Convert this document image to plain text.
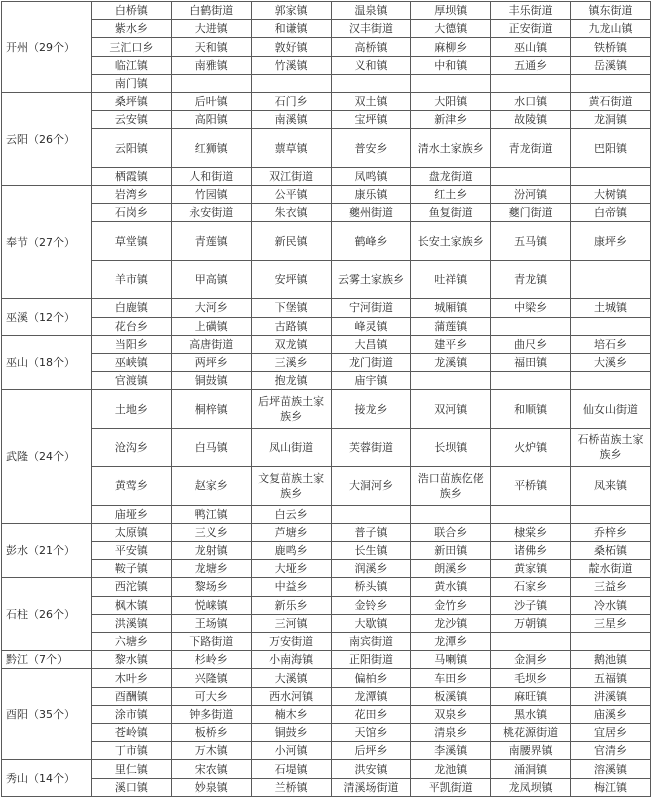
开州（29个）	白桥镇	白鹤街道	郭家镇	温泉镇	厚坝镇	丰乐街道	镇东街道
	紫水乡	大进镇	和谦镇	汉丰街道	大德镇	正安街道	九龙山镇
	三汇口乡	天和镇	敦好镇	高桥镇	麻柳乡	巫山镇	铁桥镇
	临江镇	南雅镇	竹溪镇	义和镇	中和镇	五通乡	岳溪镇
	南门镇						
云阳（26个）	桑坪镇	后叶镇	石门乡	双土镇	大阳镇	水口镇	黄石街道
	云安镇	高阳镇	南溪镇	宝坪镇	新津乡	故陵镇	龙洞镇
	云阳镇	红狮镇	蔈草镇	普安乡	清水土家族乡	青龙街道	巴阳镇
	栖霞镇	人和街道	双江街道	凤鸣镇	盘龙街道		
奉节（27个）	岩湾乡	竹园镇	公平镇	康乐镇	红土乡	汾河镇	大树镇
	石岗乡	永安街道	朱衣镇	夔州街道	鱼复街道	夔门街道	白帝镇
	草堂镇	青莲镇	新民镇	鹤峰乡	长安土家族乡	五马镇	康坪乡
	羊市镇	甲高镇	安坪镇	云雾土家族乡	吐祥镇	青龙镇	
巫溪（12个）	白鹿镇	大河乡	下堡镇	宁河街道	城厢镇	中梁乡	土城镇
	花台乡	上磺镇	古路镇	峰灵镇	蒲莲镇		
巫山（18个）	当阳乡	高唐街道	双龙镇	大昌镇	建平乡	曲尺乡	培石乡
	巫峡镇	两坪乡	三溪乡	龙门街道	龙溪镇	福田镇	大溪乡
	官渡镇	铜鼓镇	抱龙镇	庙宇镇			
武隆（24个）	土地乡	桐梓镇	后坪苗族土家族乡	接龙乡	双河镇	和顺镇	仙女山街道
	沧沟乡	白马镇	凤山街道	芙蓉街道	长坝镇	火炉镇	石桥苗族土家族乡
	黄莺乡	赵家乡	文复苗族土家族乡	大洞河乡	浩口苗族仡佬族乡	平桥镇	凤来镇
	庙垭乡	鸭江镇	白云乡				
彭水（21个）	太原镇	三义乡	芦塘乡	普子镇	联合乡	棣棠乡	乔梓乡
	平安镇	龙射镇	鹿鸣乡	长生镇	新田镇	诸佛乡	桑柘镇
	鞍子镇	龙塘乡	大垭乡	润溪乡	朗溪乡	黄家镇	靛水街道
石柱（26个）	西沱镇	黎场乡	中益乡	桥头镇	黄水镇	石家乡	三益乡
	枫木镇	悦崃镇	新乐乡	金铃乡	金竹乡	沙子镇	冷水镇
	洪溪镇	王场镇	三河镇	大歇镇	龙沙镇	万朝镇	三星乡
	六塘乡	下路街道	万安街道	南宾街道	龙潭乡		
黔江（7个）	黎水镇	杉岭乡	小南海镇	正阳街道	马喇镇	金洞乡	鹅池镇
酉阳（35个）	木叶乡	兴隆镇	大溪镇	偏柏乡	车田乡	毛坝乡	五福镇
	酉酬镇	可大乡	西水河镇	龙潭镇	板溪镇	麻旺镇	汫溪镇
	涂市镇	钟多街道	楠木乡	花田乡	双泉乡	黑水镇	庙溪乡
	苍岭镇	板桥乡	铜鼓乡	天馆乡	清泉乡	桃花源街道	宜居乡
	丁市镇	万木镇	小河镇	后坪乡	李溪镇	南腰界镇	官清乡
秀山（14个）	里仁镇	宋农镇	石堤镇	洪安镇	龙池镇	涌洞镇	溶溪镇
	溪口镇	妙泉镇	兰桥镇	清溪场街道	平凯街道	龙凤坝镇	梅江镇
